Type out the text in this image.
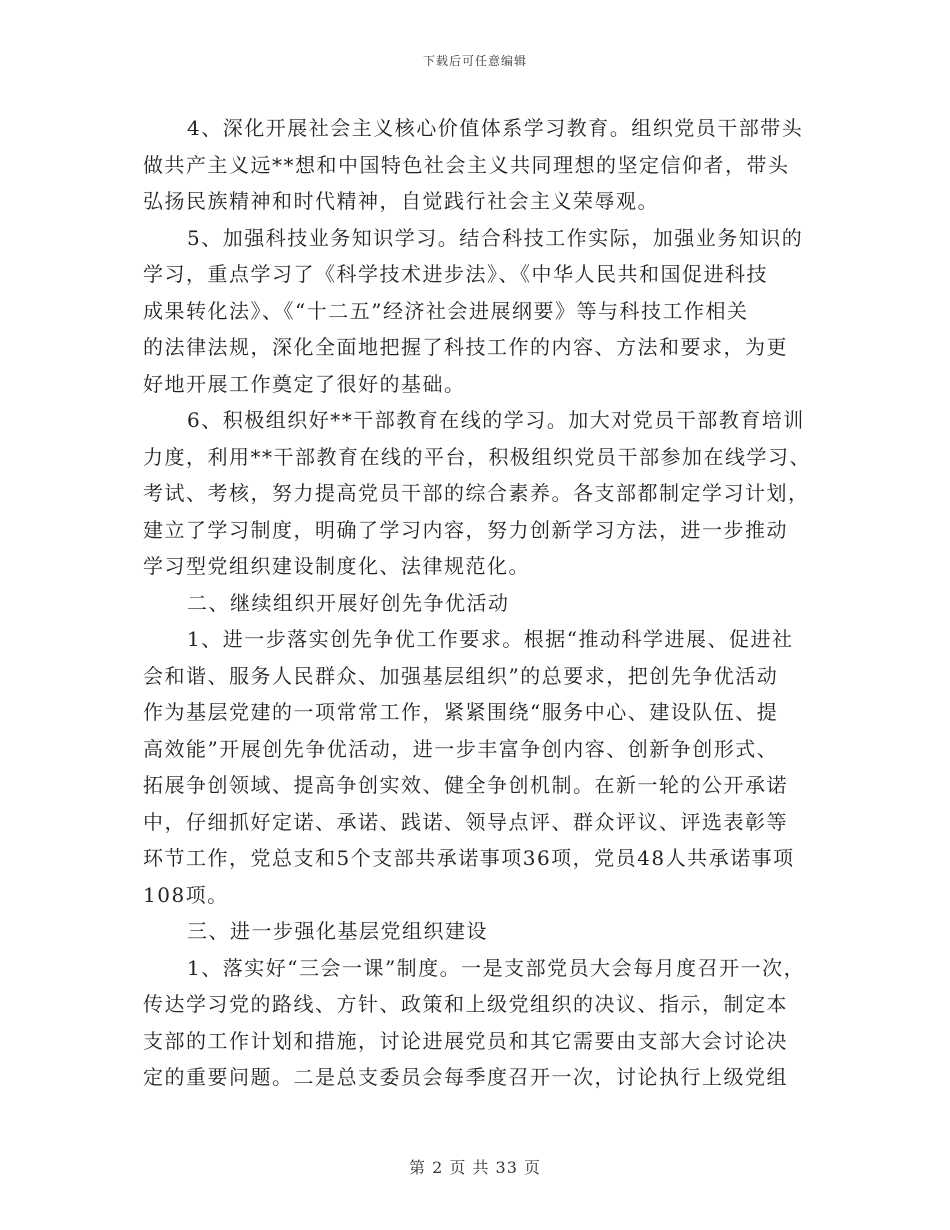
下载后可任意编辑
4、深化开展社会主义核心价值体系学习教育。组织党员干部带头
做共产主义远**想和中国特色社会主义共同理想的坚定信仰者，带头
弘扬民族精神和时代精神，自觉践行社会主义荣辱观。
5、加强科技业务知识学习。结合科技工作实际，加强业务知识的
学习，重点学习了《科学技术进步法》、《中华人民共和国促进科技
成果转化法》、《“十二五”经济社会进展纲要》等与科技工作相关
的法律法规，深化全面地把握了科技工作的内容、方法和要求，为更
好地开展工作奠定了很好的基础。
6、积极组织好**干部教育在线的学习。加大对党员干部教育培训
力度，利用**干部教育在线的平台，积极组织党员干部参加在线学习、
考试、考核，努力提高党员干部的综合素养。各支部都制定学习计划，
建立了学习制度，明确了学习内容，努力创新学习方法，进一步推动
学习型党组织建设制度化、法律规范化。
二、继续组织开展好创先争优活动
1、进一步落实创先争优工作要求。根据“推动科学进展、促进社
会和谐、服务人民群众、加强基层组织”的总要求，把创先争优活动
作为基层党建的一项常常工作，紧紧围绕“服务中心、建设队伍、提
高效能”开展创先争优活动，进一步丰富争创内容、创新争创形式、
拓展争创领域、提高争创实效、健全争创机制。在新一轮的公开承诺
中，仔细抓好定诺、承诺、践诺、领导点评、群众评议、评选表彰等
环节工作，党总支和5个支部共承诺事项36项，党员48人共承诺事项
108项。
三、进一步强化基层党组织建设
1、落实好“三会一课”制度。一是支部党员大会每月度召开一次，
传达学习党的路线、方针、政策和上级党组织的决议、指示，制定本
支部的工作计划和措施，讨论进展党员和其它需要由支部大会讨论决
定的重要问题。二是总支委员会每季度召开一次，讨论执行上级党组
第 2 页 共 33 页
